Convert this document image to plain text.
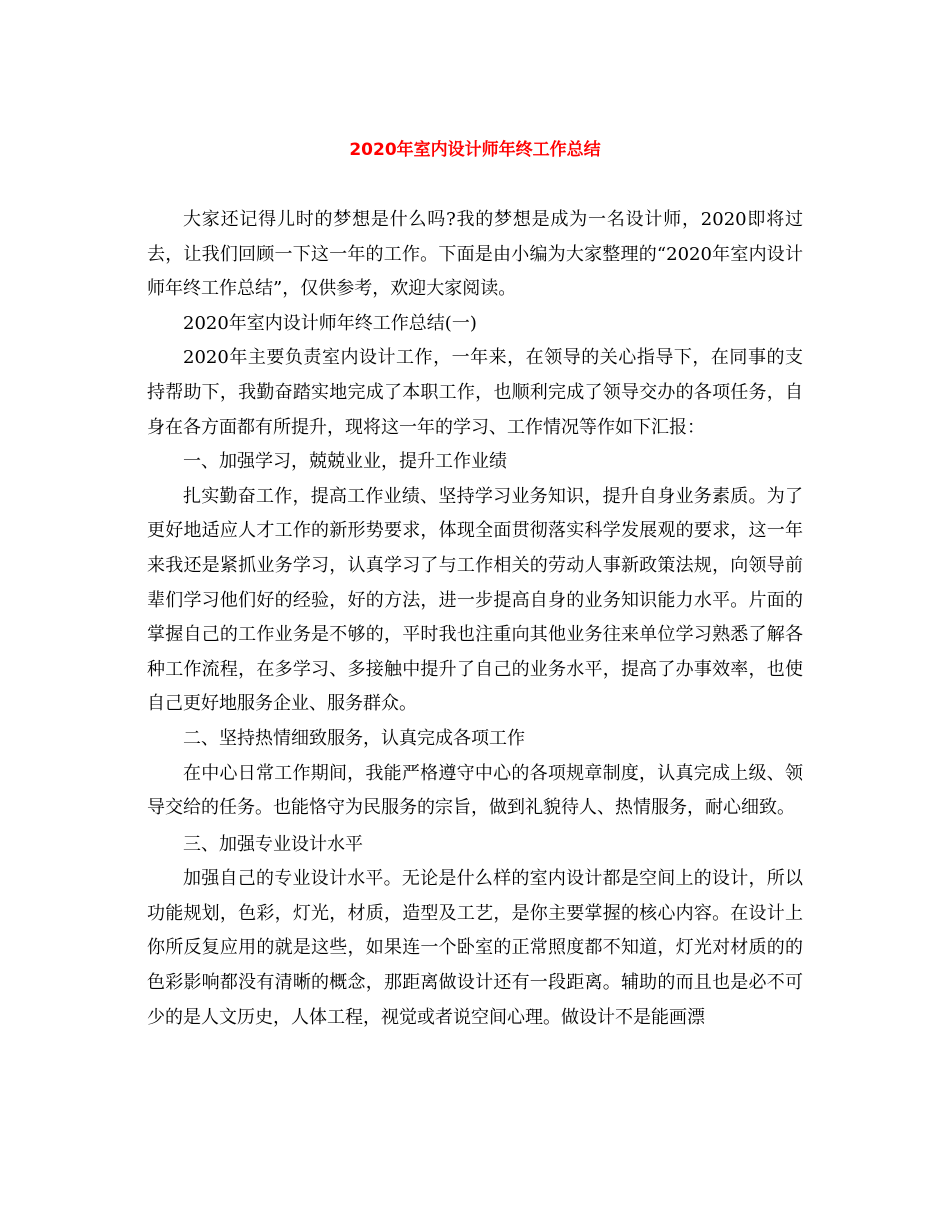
2020年室内设计师年终工作总结

大家还记得儿时的梦想是什么吗?我的梦想是成为一名设计师，2020即将过去，让我们回顾一下这一年的工作。下面是由小编为大家整理的“2020年室内设计师年终工作总结”，仅供参考，欢迎大家阅读。

2020年室内设计师年终工作总结(一)

2020年主要负责室内设计工作，一年来，在领导的关心指导下，在同事的支持帮助下，我勤奋踏实地完成了本职工作，也顺利完成了领导交办的各项任务，自身在各方面都有所提升，现将这一年的学习、工作情况等作如下汇报：

一、加强学习，兢兢业业，提升工作业绩

扎实勤奋工作，提高工作业绩、坚持学习业务知识，提升自身业务素质。为了更好地适应人才工作的新形势要求，体现全面贯彻落实科学发展观的要求，这一年来我还是紧抓业务学习，认真学习了与工作相关的劳动人事新政策法规，向领导前辈们学习他们好的经验，好的方法，进一步提高自身的业务知识能力水平。片面的掌握自己的工作业务是不够的，平时我也注重向其他业务往来单位学习熟悉了解各种工作流程，在多学习、多接触中提升了自己的业务水平，提高了办事效率，也使自己更好地服务企业、服务群众。

二、坚持热情细致服务，认真完成各项工作

在中心日常工作期间，我能严格遵守中心的各项规章制度，认真完成上级、领导交给的任务。也能恪守为民服务的宗旨，做到礼貌待人、热情服务，耐心细致。

三、加强专业设计水平

加强自己的专业设计水平。无论是什么样的室内设计都是空间上的设计，所以功能规划，色彩，灯光，材质，造型及工艺，是你主要掌握的核心内容。在设计上你所反复应用的就是这些，如果连一个卧室的正常照度都不知道，灯光对材质的的色彩影响都没有清晰的概念，那距离做设计还有一段距离。辅助的而且也是必不可少的是人文历史，人体工程，视觉或者说空间心理。做设计不是能画漂
